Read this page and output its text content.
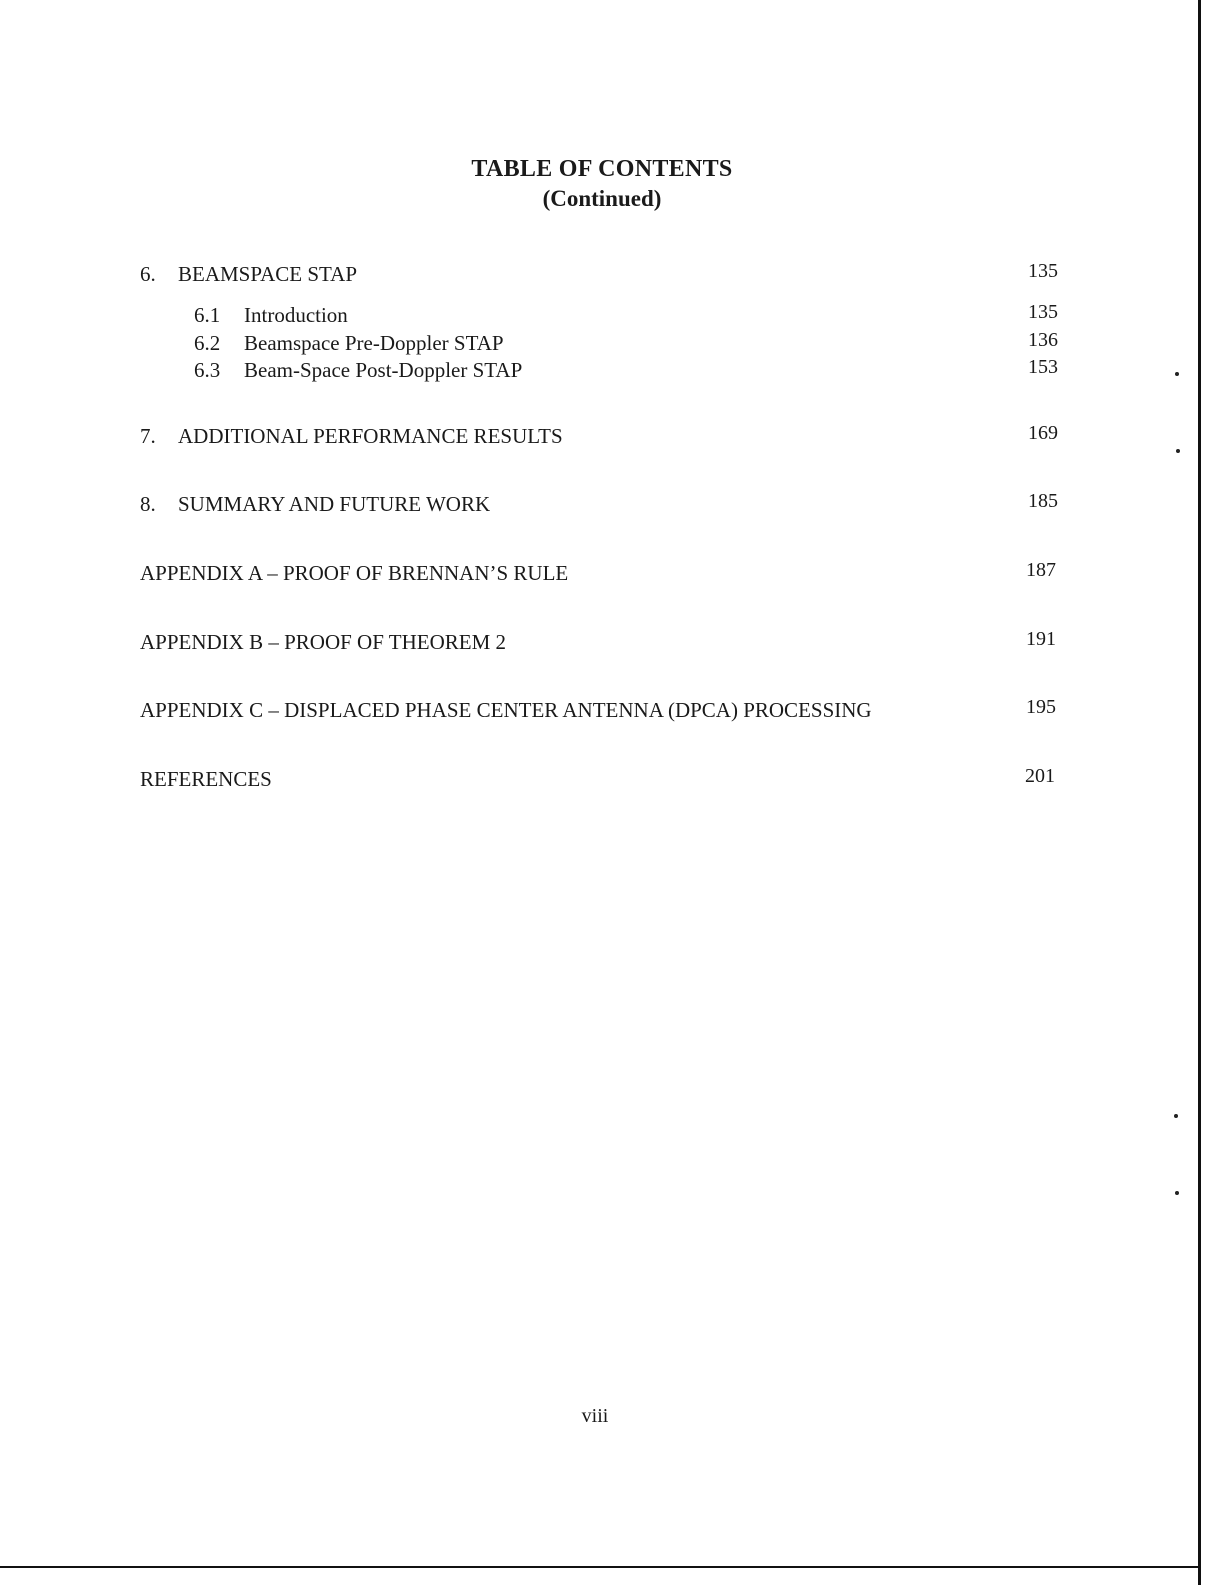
TABLE OF CONTENTS
(Continued)
6. BEAMSPACE STAP	135
6.1 Introduction	135
6.2 Beamspace Pre-Doppler STAP	136
6.3 Beam-Space Post-Doppler STAP	153
7. ADDITIONAL PERFORMANCE RESULTS	169
8. SUMMARY AND FUTURE WORK	185
APPENDIX A – PROOF OF BRENNAN’S RULE	187
APPENDIX B – PROOF OF THEOREM 2	191
APPENDIX C – DISPLACED PHASE CENTER ANTENNA (DPCA) PROCESSING	195
REFERENCES	201
viii
